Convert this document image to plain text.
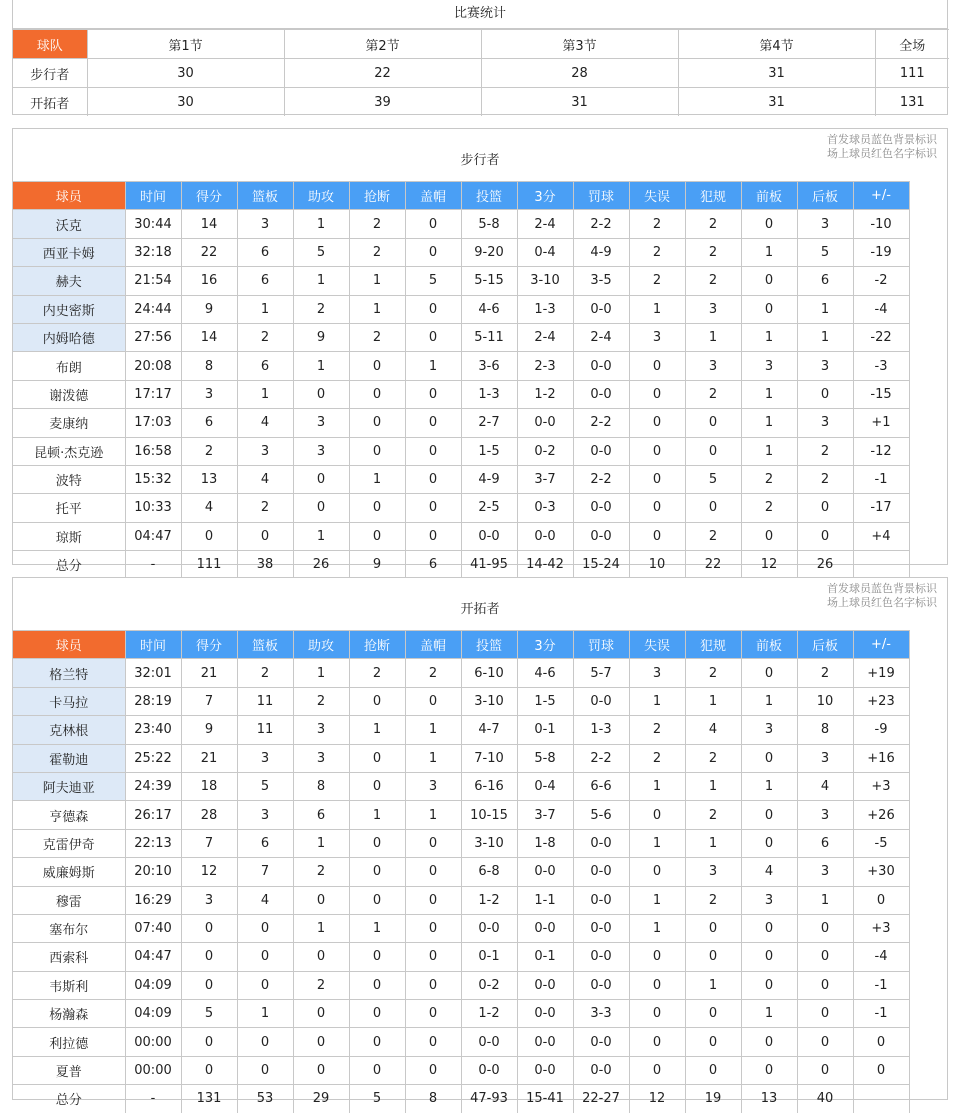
比赛统计
球队	第1节	第2节	第3节	第4节	全场
步行者	30	22	28	31	111
开拓者	30	39	31	31	131
步行者
首发球员蓝色背景标识
场上球员红色名字标识
球员	时间	得分	篮板	助攻	抢断	盖帽	投篮	3分	罚球	失误	犯规	前板	后板	+/-
沃克	30:44	14	3	1	2	0	5-8	2-4	2-2	2	2	0	3	-10
西亚卡姆	32:18	22	6	5	2	0	9-20	0-4	4-9	2	2	1	5	-19
赫夫	21:54	16	6	1	1	5	5-15	3-10	3-5	2	2	0	6	-2
内史密斯	24:44	9	1	2	1	0	4-6	1-3	0-0	1	3	0	1	-4
内姆哈德	27:56	14	2	9	2	0	5-11	2-4	2-4	3	1	1	1	-22
布朗	20:08	8	6	1	0	1	3-6	2-3	0-0	0	3	3	3	-3
谢泼德	17:17	3	1	0	0	0	1-3	1-2	0-0	0	2	1	0	-15
麦康纳	17:03	6	4	3	0	0	2-7	0-0	2-2	0	0	1	3	+1
昆顿·杰克逊	16:58	2	3	3	0	0	1-5	0-2	0-0	0	0	1	2	-12
波特	15:32	13	4	0	1	0	4-9	3-7	2-2	0	5	2	2	-1
托平	10:33	4	2	0	0	0	2-5	0-3	0-0	0	0	2	0	-17
琼斯	04:47	0	0	1	0	0	0-0	0-0	0-0	0	2	0	0	+4
总分	-	111	38	26	9	6	41-95	14-42	15-24	10	22	12	26	
开拓者
首发球员蓝色背景标识
场上球员红色名字标识
球员	时间	得分	篮板	助攻	抢断	盖帽	投篮	3分	罚球	失误	犯规	前板	后板	+/-
格兰特	32:01	21	2	1	2	2	6-10	4-6	5-7	3	2	0	2	+19
卡马拉	28:19	7	11	2	0	0	3-10	1-5	0-0	1	1	1	10	+23
克林根	23:40	9	11	3	1	1	4-7	0-1	1-3	2	4	3	8	-9
霍勒迪	25:22	21	3	3	0	1	7-10	5-8	2-2	2	2	0	3	+16
阿夫迪亚	24:39	18	5	8	0	3	6-16	0-4	6-6	1	1	1	4	+3
亨德森	26:17	28	3	6	1	1	10-15	3-7	5-6	0	2	0	3	+26
克雷伊奇	22:13	7	6	1	0	0	3-10	1-8	0-0	1	1	0	6	-5
威廉姆斯	20:10	12	7	2	0	0	6-8	0-0	0-0	0	3	4	3	+30
穆雷	16:29	3	4	0	0	0	1-2	1-1	0-0	1	2	3	1	0
塞布尔	07:40	0	0	1	1	0	0-0	0-0	0-0	1	0	0	0	+3
西索科	04:47	0	0	0	0	0	0-1	0-1	0-0	0	0	0	0	-4
韦斯利	04:09	0	0	2	0	0	0-2	0-0	0-0	0	1	0	0	-1
杨瀚森	04:09	5	1	0	0	0	1-2	0-0	3-3	0	0	1	0	-1
利拉德	00:00	0	0	0	0	0	0-0	0-0	0-0	0	0	0	0	0
夏普	00:00	0	0	0	0	0	0-0	0-0	0-0	0	0	0	0	0
总分	-	131	53	29	5	8	47-93	15-41	22-27	12	19	13	40	
